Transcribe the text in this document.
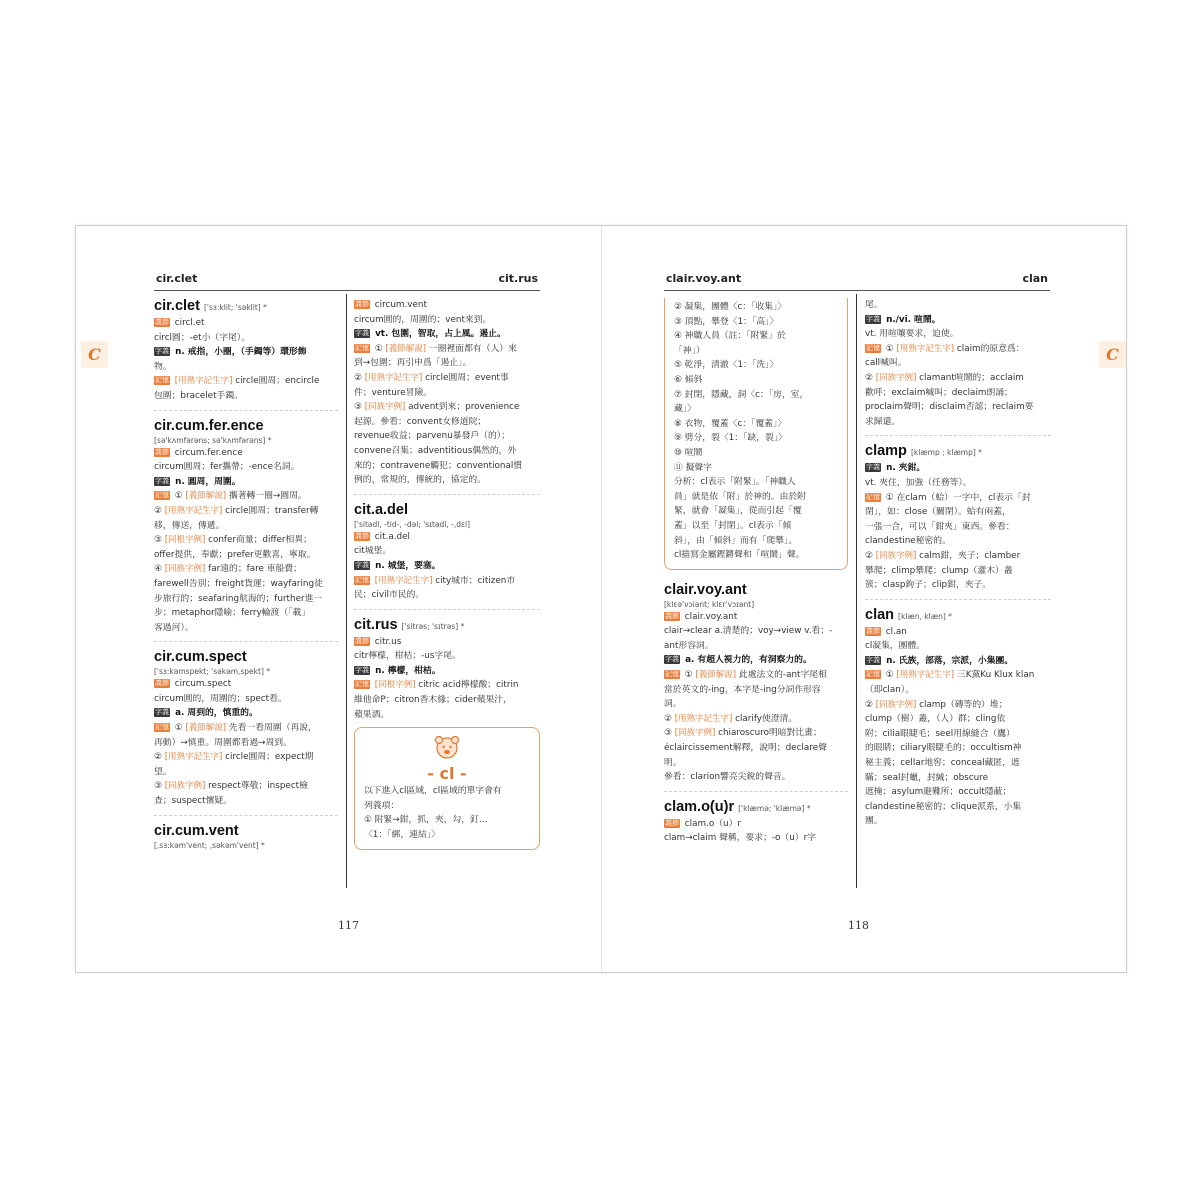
cir.clet	cit.rus
C
cir.clet ['sɜ:klit; 'səklit] *
義節 circl.et
circl圓；-et小（字尾）。
字義 n. 戒指，小圈，（手鐲等）環形飾
物。
記憶 [用熟字記生字] circle圓周；encircle
包圍；bracelet手鐲。
cir.cum.fer.ence
[sə'kʌmfərəns; sə'kʌmfərəns] *
義節 circum.fer.ence
circum圓周；fer攜帶；-ence名詞。
字義 n. 圓周，周圍。
記憶 ① [義節解說] 攜著轉一圈→圓周。
② [用熟字記生字] circle圓周；transfer轉
移，傳送，傳遞。
③ [同根字例] confer商量；differ相異；
offer提供，奉獻；prefer更歡喜，寧取。
④ [同族字例] far遠的；fare 車船費；
farewell告別；freight貨運；wayfaring徒
步旅行的；seafaring航海的；further進一
步；metaphor隱喻；ferry輪渡（「載」
客過河）。
cir.cum.spect
['sɜ:kəmspekt; 'səkəm,spekt] *
義節 circum.spect
circum圓的，周圍的；spect看。
字義 a. 周到的，慎重的。
記憶 ① [義節解說] 先看一看周圍（再說，
再動）→慎重。周圍都看過→周到。
② [用熟字記生字] circle圓周；expect期
望。
③ [同族字例] respect尊敬；inspect檢
查；suspect懷疑。
cir.cum.vent
[,sɜ:kəm'vent; ,səkəm'vent] *
義節 circum.vent
circum圓的，周圍的；vent來到。
字義 vt. 包圍，智取，占上風。遏止。
記憶 ① [義節解說] 一圈裡面都有（人）來
到→包圍；再引申爲「遏止」。
② [用熟字記生字] circle圓周；event事
件；venture冒險。
③ [同族字例] advent到來；provenience
起源。參看：convent女修道院；
revenue收益；parvenu暴發戶（的）；
convene召集；adventitious偶然的，外
來的；contravene觸犯；conventional慣
例的，常規的，傳統的，協定的。
cit.a.del
['sitədl, -tid-, -dəl; 'sɪtədl, -,dɛl]
義節 cit.a.del
cit城堡。
字義 n. 城堡，要塞。
記憶 [用熟字記生字] city城市；citizen市
民；civil市民的。
cit.rus ['sitrəs; 'sɪtrəs] *
義節 citr.us
citr檸檬，柑桔；-us字尾。
字義 n. 檸檬，柑桔。
記憶 [同根字例] citric acid檸檬酸；citrin
維他命P；citron香木緣；cider蘋果汁，
蘋果酒。
- cl -
以下進入cl區域，cl區域的單字會有
列義項：
① 附緊→鉗，抓，夾，勾，釘…
〈1：「綁，連結」〉
117
clair.voy.ant	clan
C
② 凝集，團體〈c：「收集」〉
③ 頂點，攀登〈1：「高」〉
④ 神職人員（註：「附緊」於
「神」）
⑤ 乾淨，清澈〈1：「洗」〉
⑥ 傾斜
⑦ 封閉，隱藏，洞〈c：「房，室，
藏」〉
⑧ 衣物，覆蓋〈c：「覆蓋」〉
⑨ 劈分，裂〈1：「缺，裂」〉
⑩ 喧鬧
⑪ 擬聲字
分析：cl表示「附緊」。「神職人
員」就是依「附」於神的。由於附
緊，就會「凝集」，從而引起「覆
蓋」以至「封閉」。cl表示「傾
斜」，由「傾斜」而有「爬攀」。
cl描寫金屬鏗鏘聲和「喧鬧」聲。
clair.voy.ant
[klεə'vɔiənt; klεr'vɔɪənt]
義節 clair.voy.ant
clair→clear a.清楚的；voy→view v.看；-
ant形容詞。
字義 a. 有超人視力的，有洞察力的。
記憶 ① [義節解說] 此處法文的-ant字尾相
當於英文的-ing，本字是-ing分詞作形容
詞。
② [用熟字記生字] clarify使澄清。
③ [同族字例] chiaroscuro明暗對比畫；
éclaircissement解釋，說明；declare聲
明。
參看：clarion響亮尖銳的聲音。
clam.o(u)r ['klæmə; 'klæmə] *
義節 clam.o（u）r
clam→claim 聲稱，要求；-o（u）r字
尾。
字義 n./vi. 喧鬧。
vt. 用喧嚷要求，迫使。
記憶 ① [用熟字記生字] claim的原意爲：
call喊叫。
② [同族字例] clamant喧鬧的；acclaim
歡呼；exclaim喊叫；declaim朗誦；
proclaim聲明；disclaim否認；reclaim要
求歸還。
clamp [klæmp ; klæmp] *
字義 n. 夾鉗。
vt. 夾住，加強（任務等）。
記憶 ① 在clam（蛤）一字中，cl表示「封
閉」，如：close（關閉）。蛤有兩蓋，
一張一合，可以「鉗夾」東西。參看：
clandestine秘密的。
② [同族字例] calm鉗，夾子；clamber
攀爬；climp攀爬；clump（灌木）叢
簇；clasp鉤子；clip鉗，夾子。
clan [klæn, klæn] *
義節 cl.an
cl凝集，團體。
字義 n. 氏族，部落，宗派，小集團。
記憶 ① [用熟字記生字] 三K黨Ku Klux klan
（即clan）。
② [同族字例] clamp（磚等的）堆；
clump（樹）叢，（人）群；cling依
附；cilia眼睫毛；seel用線縫合（鷹）
的眼睛；ciliary眼睫毛的；occultism神
秘主義；cellar地窖；conceal藏匿，遮
瞞；seal封蠟，封緘；obscure
遮掩；asylum避難所；occult隱蔽；
clandestine秘密的；clique派系，小集
團。
118
